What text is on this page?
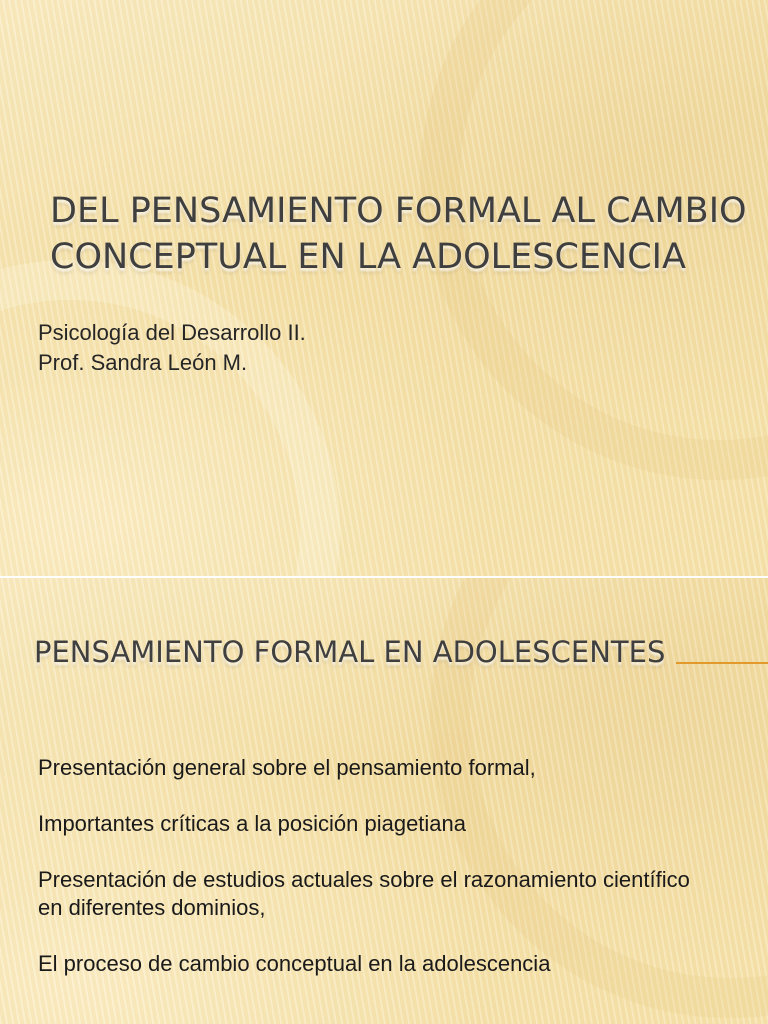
DEL PENSAMIENTO FORMAL AL CAMBIO CONCEPTUAL EN LA ADOLESCENCIA

Psicología del Desarrollo II.
Prof. Sandra León M.

PENSAMIENTO FORMAL EN ADOLESCENTES
Presentación general sobre el pensamiento formal,
Importantes críticas a la posición piagetiana
Presentación de estudios actuales sobre el razonamiento científico
en diferentes dominios,
El proceso de cambio conceptual en la adolescencia
